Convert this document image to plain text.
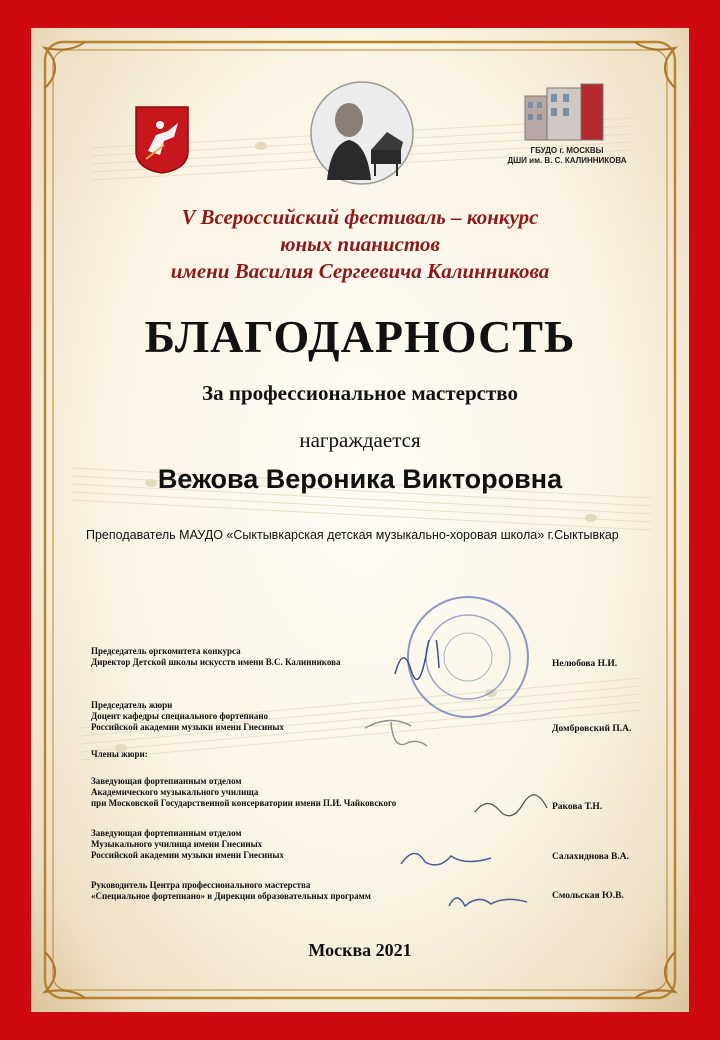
ГБУДО г. МОСКВЫ
ДШИ им. В. С. КАЛИННИКОВА
V Всероссийский фестиваль – конкурс
юных пианистов
имени Василия Сергеевича Калинникова
БЛАГОДАРНОСТЬ
За профессиональное мастерство
награждается
Вежова Вероника Викторовна
Преподаватель МАУДО «Сыктывкарская детская музыкально-хоровая школа» г.Сыктывкар
Председатель оргкомитета конкурса
Директор Детской школы искусств имени В.С. Калинникова	Нелюбова Н.И.
Председатель жюри
Доцент кафедры специального фортепиано
Российской академии музыки имени Гнесиных	Домбровский П.А.
Члены жюри:
Заведующая фортепианным отделом
Академического музыкального училища
при Московской Государственной консерватории имени П.И. Чайковского	Ракова Т.Н.
Заведующая фортепианным отделом
Музыкального училища имени Гнесиных
Российской академии музыки имени Гнесиных	Салахиднова В.А.
Руководитель Центра профессионального мастерства
«Специальное фортепиано» в Дирекции образовательных программ	Смольская Ю.В.
Москва 2021
